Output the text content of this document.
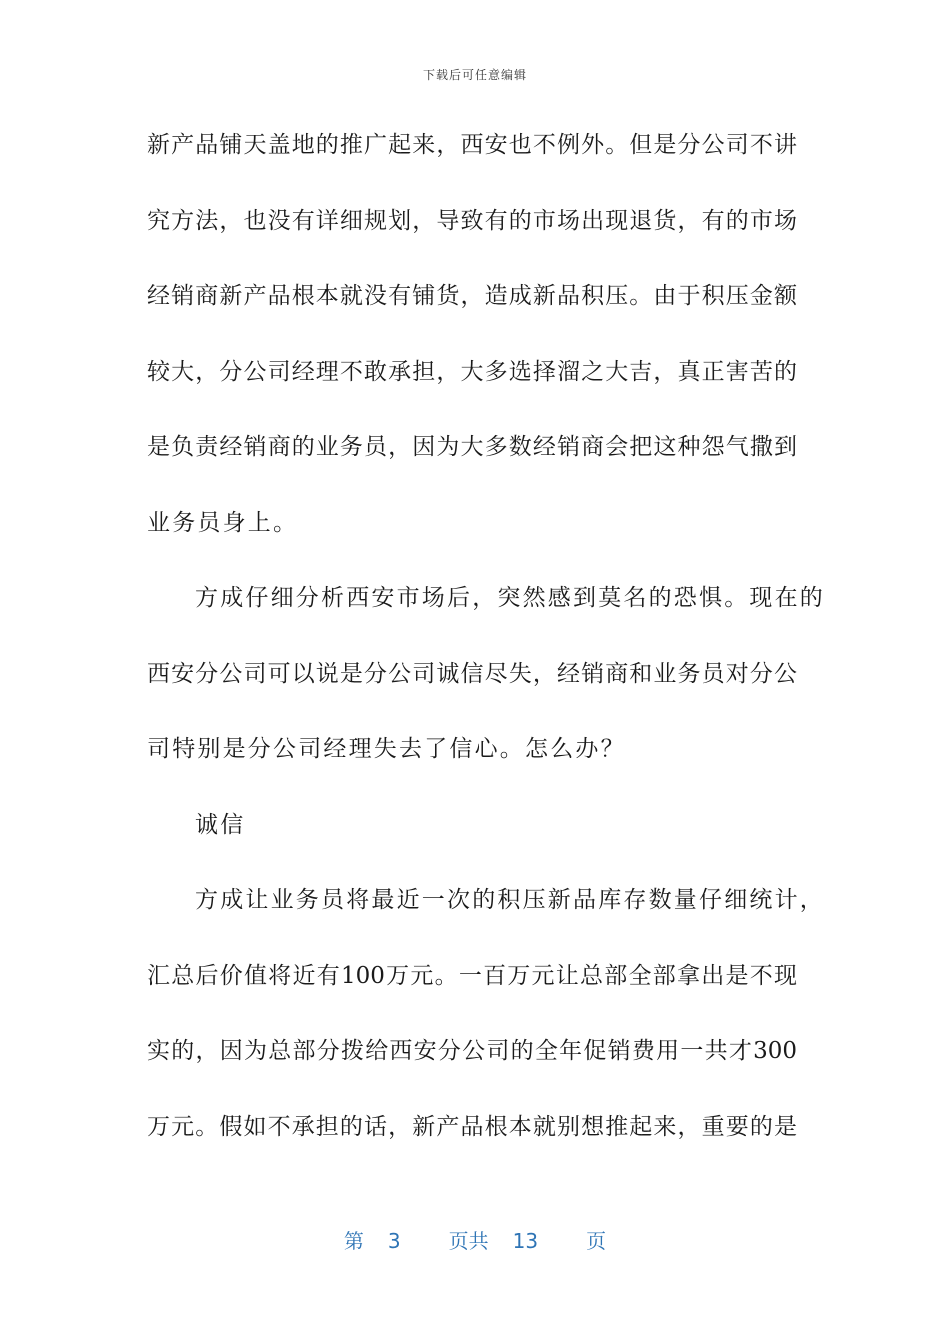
下载后可任意编辑
新产品铺天盖地的推广起来，西安也不例外。但是分公司不讲
究方法，也没有详细规划，导致有的市场出现退货，有的市场
经销商新产品根本就没有铺货，造成新品积压。由于积压金额
较大，分公司经理不敢承担，大多选择溜之大吉，真正害苦的
是负责经销商的业务员，因为大多数经销商会把这种怨气撒到
业务员身上。
方成仔细分析西安市场后，突然感到莫名的恐惧。现在的
西安分公司可以说是分公司诚信尽失，经销商和业务员对分公
司特别是分公司经理失去了信心。怎么办？
诚信
方成让业务员将最近一次的积压新品库存数量仔细统计，
汇总后价值将近有100万元。一百万元让总部全部拿出是不现
实的，因为总部分拨给西安分公司的全年促销费用一共才300
万元。假如不承担的话，新产品根本就别想推起来，重要的是
第 3 页共 13 页
